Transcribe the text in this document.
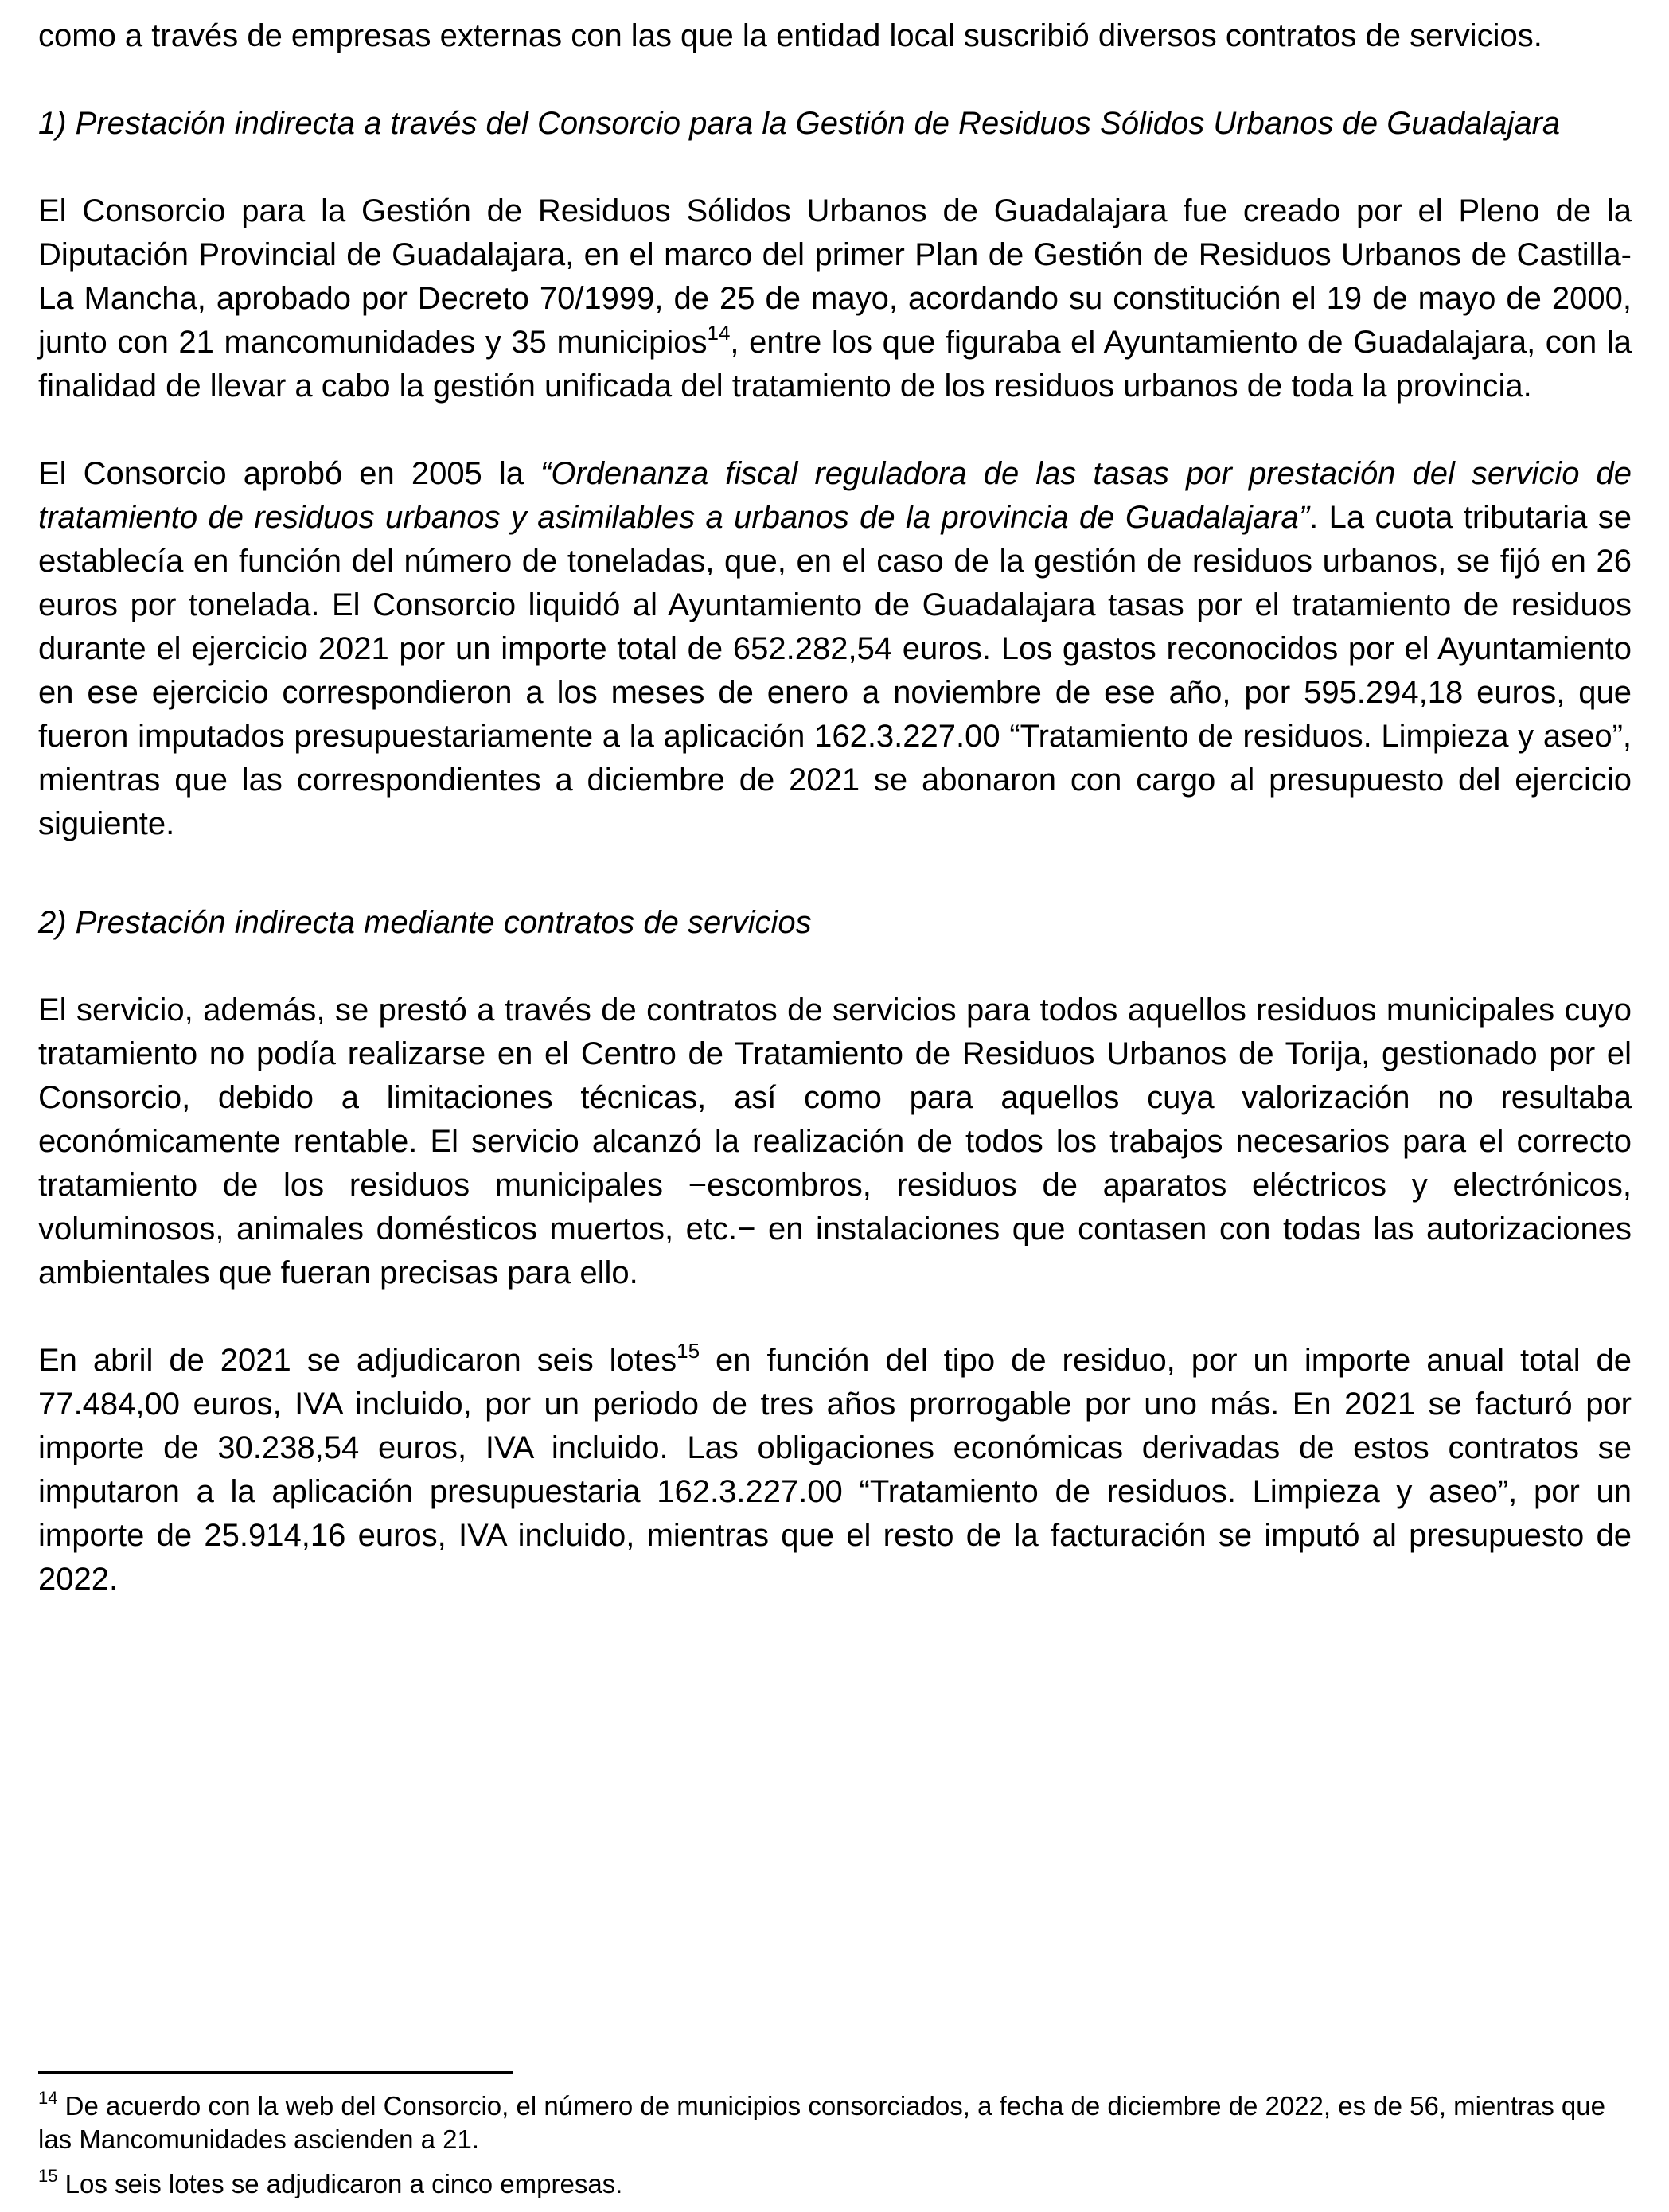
como a través de empresas externas con las que la entidad local suscribió diversos contratos de servicios.

1) Prestación indirecta a través del Consorcio para la Gestión de Residuos Sólidos Urbanos de Guadalajara

El Consorcio para la Gestión de Residuos Sólidos Urbanos de Guadalajara fue creado por el Pleno de la Diputación Provincial de Guadalajara, en el marco del primer Plan de Gestión de Residuos Urbanos de Castilla-La Mancha, aprobado por Decreto 70/1999, de 25 de mayo, acordando su constitución el 19 de mayo de 2000, junto con 21 mancomunidades y 35 municipios$^{14}$, entre los que figuraba el Ayuntamiento de Guadalajara, con la finalidad de llevar a cabo la gestión unificada del tratamiento de los residuos urbanos de toda la provincia.

El Consorcio aprobó en 2005 la “Ordenanza fiscal reguladora de las tasas por prestación del servicio de tratamiento de residuos urbanos y asimilables a urbanos de la provincia de Guadalajara”. La cuota tributaria se establecía en función del número de toneladas, que, en el caso de la gestión de residuos urbanos, se fijó en 26 euros por tonelada. El Consorcio liquidó al Ayuntamiento de Guadalajara tasas por el tratamiento de residuos durante el ejercicio 2021 por un importe total de 652.282,54 euros. Los gastos reconocidos por el Ayuntamiento en ese ejercicio correspondieron a los meses de enero a noviembre de ese año, por 595.294,18 euros, que fueron imputados presupuestariamente a la aplicación 162.3.227.00 “Tratamiento de residuos. Limpieza y aseo”, mientras que las correspondientes a diciembre de 2021 se abonaron con cargo al presupuesto del ejercicio siguiente.

2) Prestación indirecta mediante contratos de servicios

El servicio, además, se prestó a través de contratos de servicios para todos aquellos residuos municipales cuyo tratamiento no podía realizarse en el Centro de Tratamiento de Residuos Urbanos de Torija, gestionado por el Consorcio, debido a limitaciones técnicas, así como para aquellos cuya valorización no resultaba económicamente rentable. El servicio alcanzó la realización de todos los trabajos necesarios para el correcto tratamiento de los residuos municipales −escombros, residuos de aparatos eléctricos y electrónicos, voluminosos, animales domésticos muertos, etc.− en instalaciones que contasen con todas las autorizaciones ambientales que fueran precisas para ello.

En abril de 2021 se adjudicaron seis lotes$^{15}$ en función del tipo de residuo, por un importe anual total de 77.484,00 euros, IVA incluido, por un periodo de tres años prorrogable por uno más. En 2021 se facturó por importe de 30.238,54 euros, IVA incluido. Las obligaciones económicas derivadas de estos contratos se imputaron a la aplicación presupuestaria 162.3.227.00 “Tratamiento de residuos. Limpieza y aseo”, por un importe de 25.914,16 euros, IVA incluido, mientras que el resto de la facturación se imputó al presupuesto de 2022.

$^{14}$ De acuerdo con la web del Consorcio, el número de municipios consorciados, a fecha de diciembre de 2022, es de 56, mientras que las Mancomunidades ascienden a 21.

$^{15}$ Los seis lotes se adjudicaron a cinco empresas.
